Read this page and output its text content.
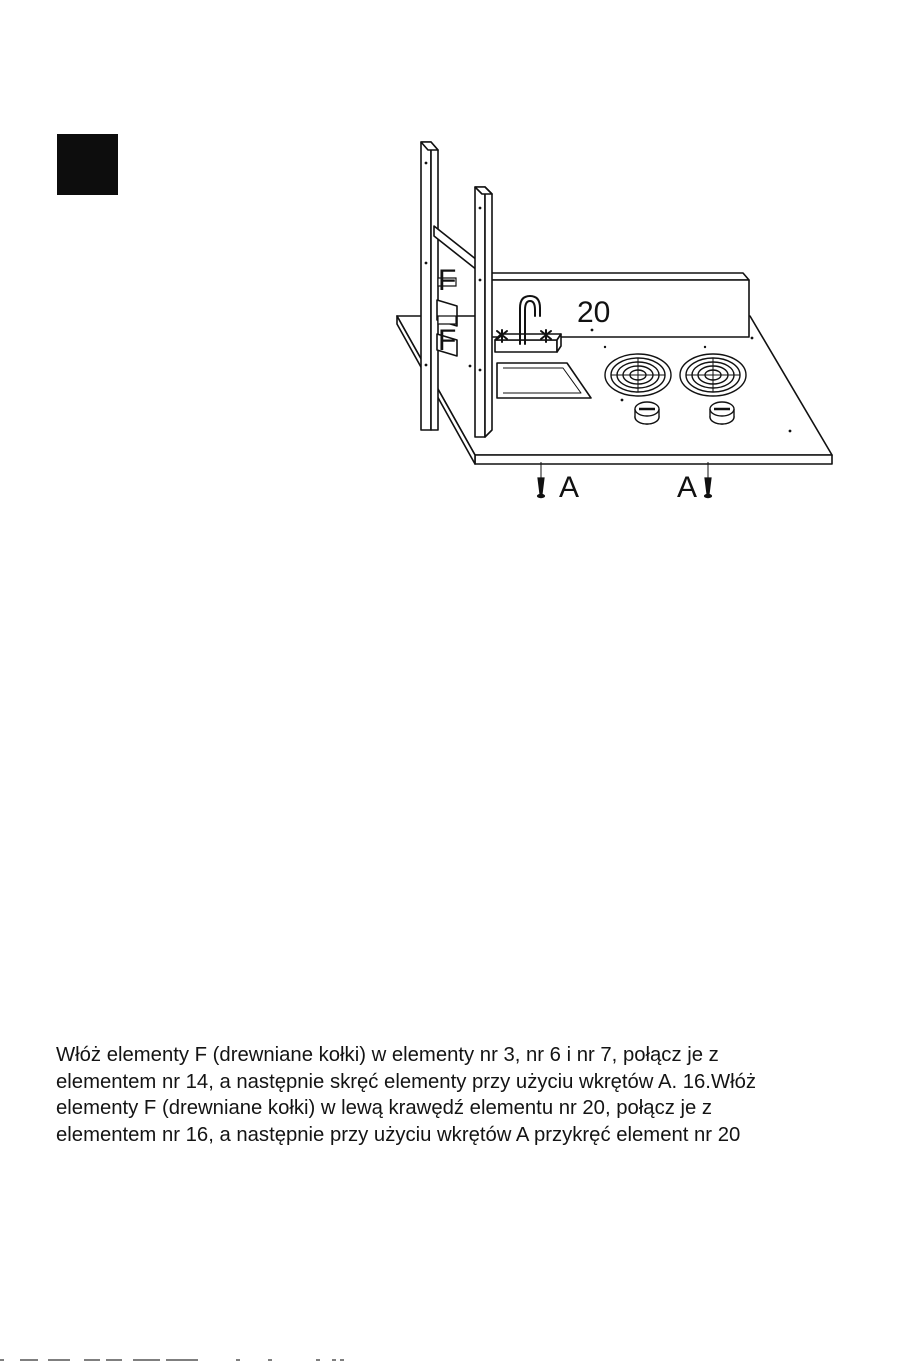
20
F
F
A	A

Włóż elementy F (drewniane kołki) w elementy nr 3, nr 6 i nr 7, połącz je z

elementem nr 14, a następnie skręć elementy przy użyciu wkrętów A. 16.Włóż

elementy F (drewniane kołki) w lewą krawędź elementu nr 20, połącz je z

elementem nr 16, a następnie przy użyciu wkrętów A przykręć element nr 20
